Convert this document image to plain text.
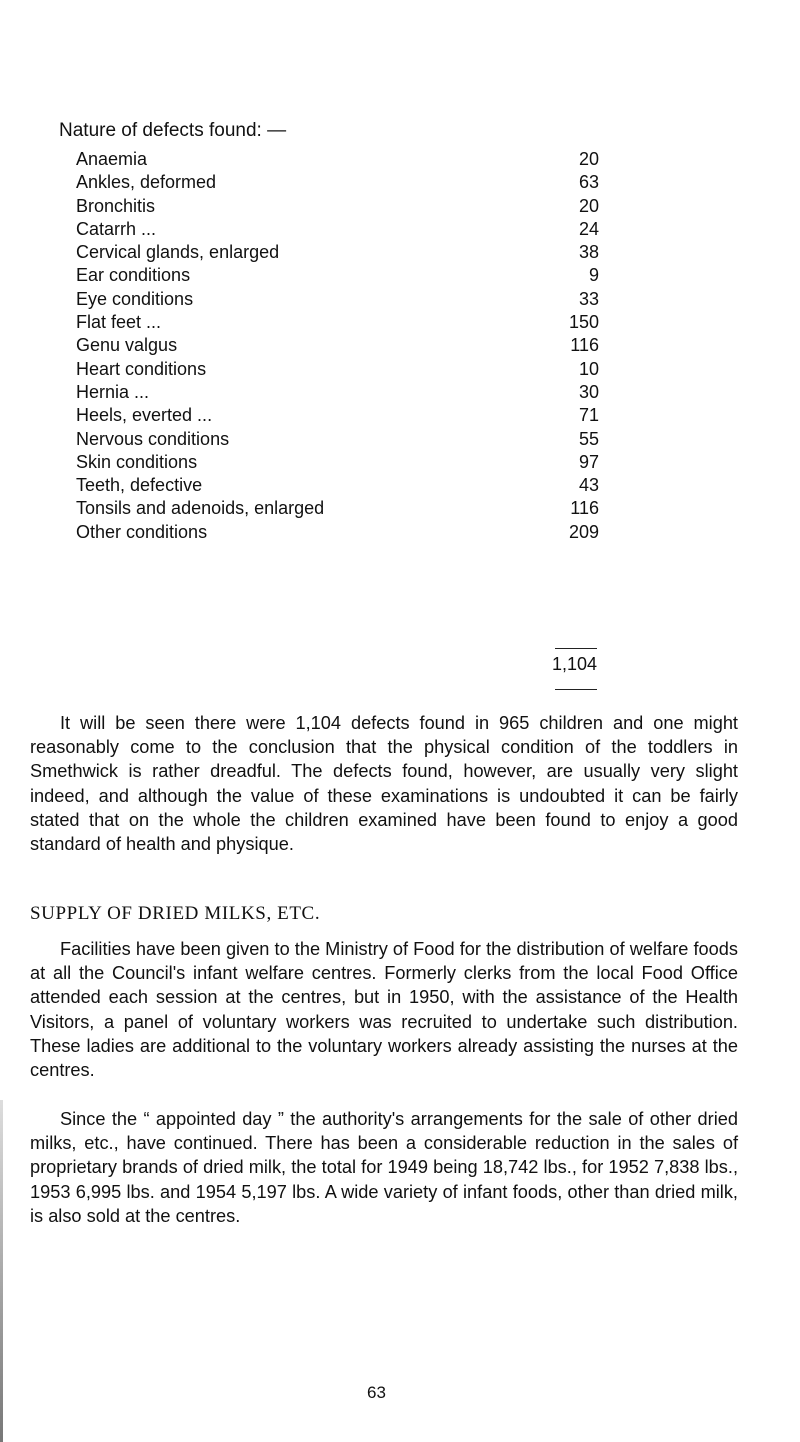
Nature of defects found: —
Anaemia	20
Ankles, deformed	63
Bronchitis	20
Catarrh ...	24
Cervical glands, enlarged	38
Ear conditions	9
Eye conditions	33
Flat feet ...	150
Genu valgus	116
Heart conditions	10
Hernia ...	30
Heels, everted ...	71
Nervous conditions	55
Skin conditions	97
Teeth, defective	43
Tonsils and adenoids, enlarged	116
Other conditions	209
1,104

It will be seen there were 1,104 defects found in 965 children and one might reasonably come to the conclusion that the physical condition of the toddlers in Smethwick is rather dreadful. The defects found, however, are usually very slight indeed, and although the value of these examinations is undoubted it can be fairly stated that on the whole the children examined have been found to enjoy a good standard of health and physique.

SUPPLY OF DRIED MILKS, ETC.

Facilities have been given to the Ministry of Food for the distribution of welfare foods at all the Council's infant welfare centres. Formerly clerks from the local Food Office attended each session at the centres, but in 1950, with the assistance of the Health Visitors, a panel of voluntary workers was recruited to undertake such distribution. These ladies are additional to the voluntary workers already assisting the nurses at the centres.

Since the “ appointed day ” the authority's arrangements for the sale of other dried milks, etc., have continued. There has been a considerable reduction in the sales of proprietary brands of dried milk, the total for 1949 being 18,742 lbs., for 1952 7,838 lbs., 1953 6,995 lbs. and 1954 5,197 lbs. A wide variety of infant foods, other than dried milk, is also sold at the centres.

63
